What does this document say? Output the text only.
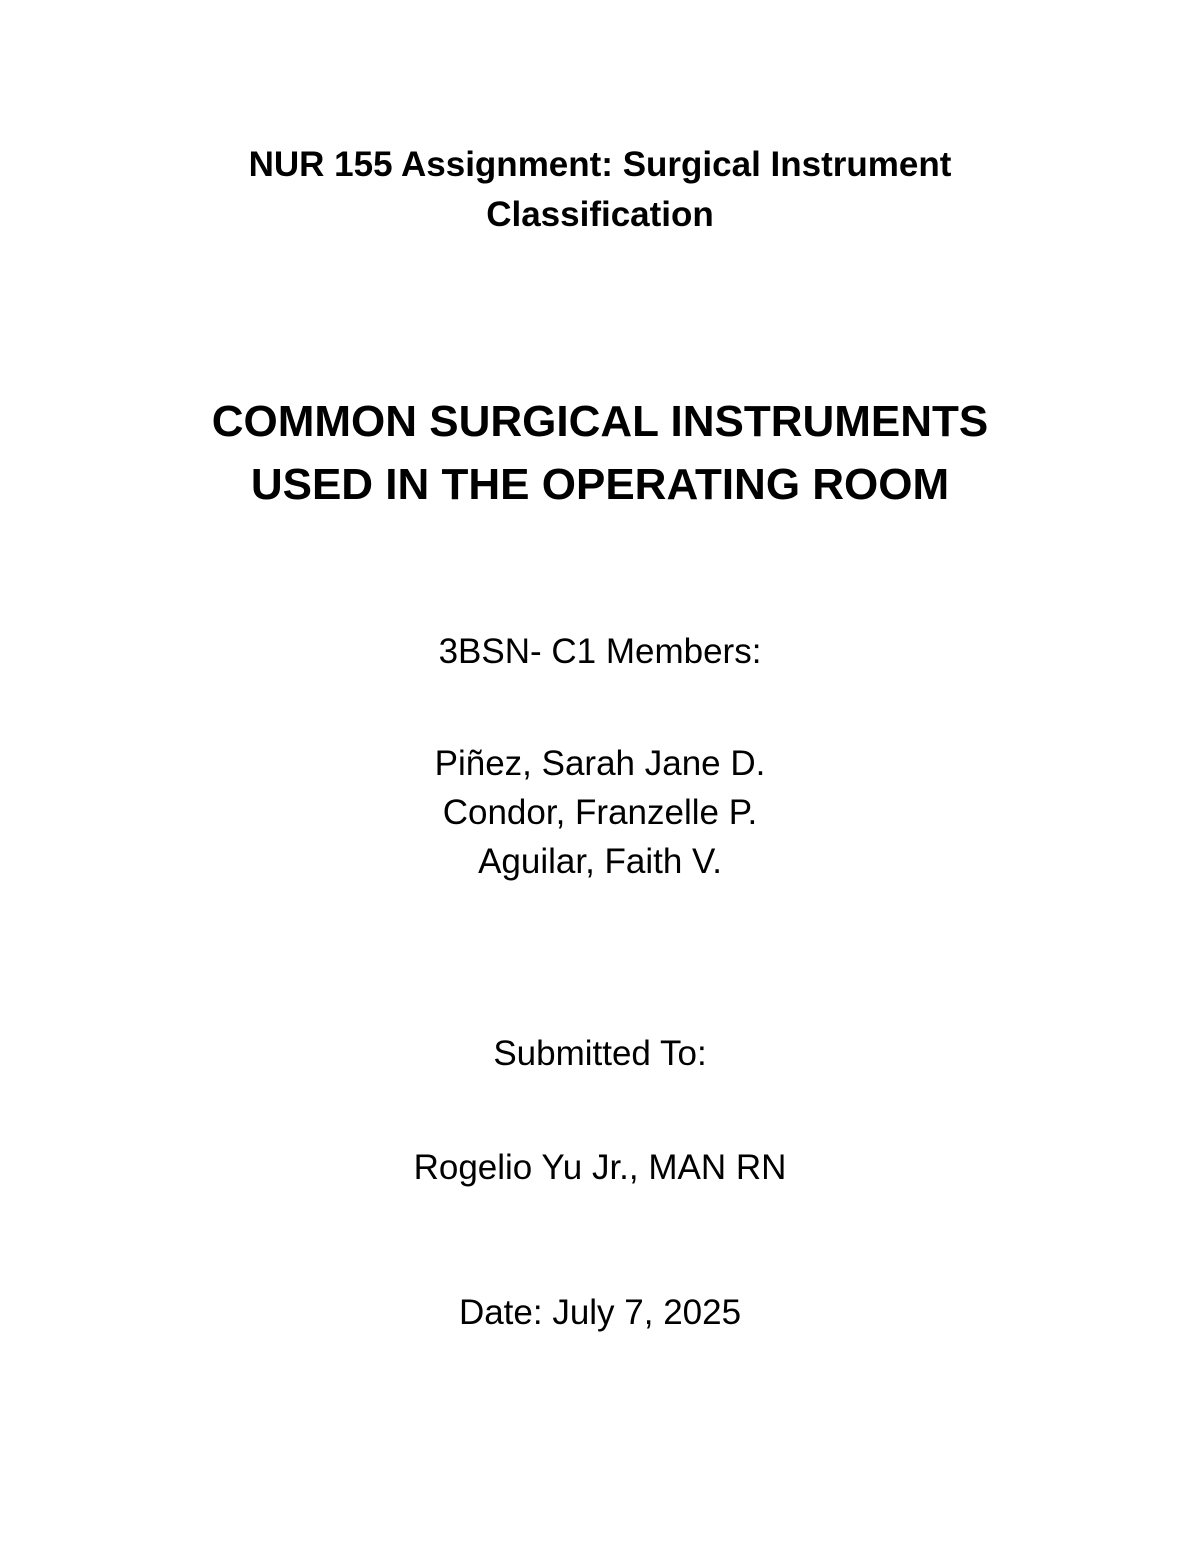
NUR 155 Assignment: Surgical Instrument
Classification
COMMON SURGICAL INSTRUMENTS
USED IN THE OPERATING ROOM
3BSN- C1 Members:
Piñez, Sarah Jane D.
Condor, Franzelle P.
Aguilar, Faith V.
Submitted To:
Rogelio Yu Jr., MAN RN
Date: July 7, 2025
